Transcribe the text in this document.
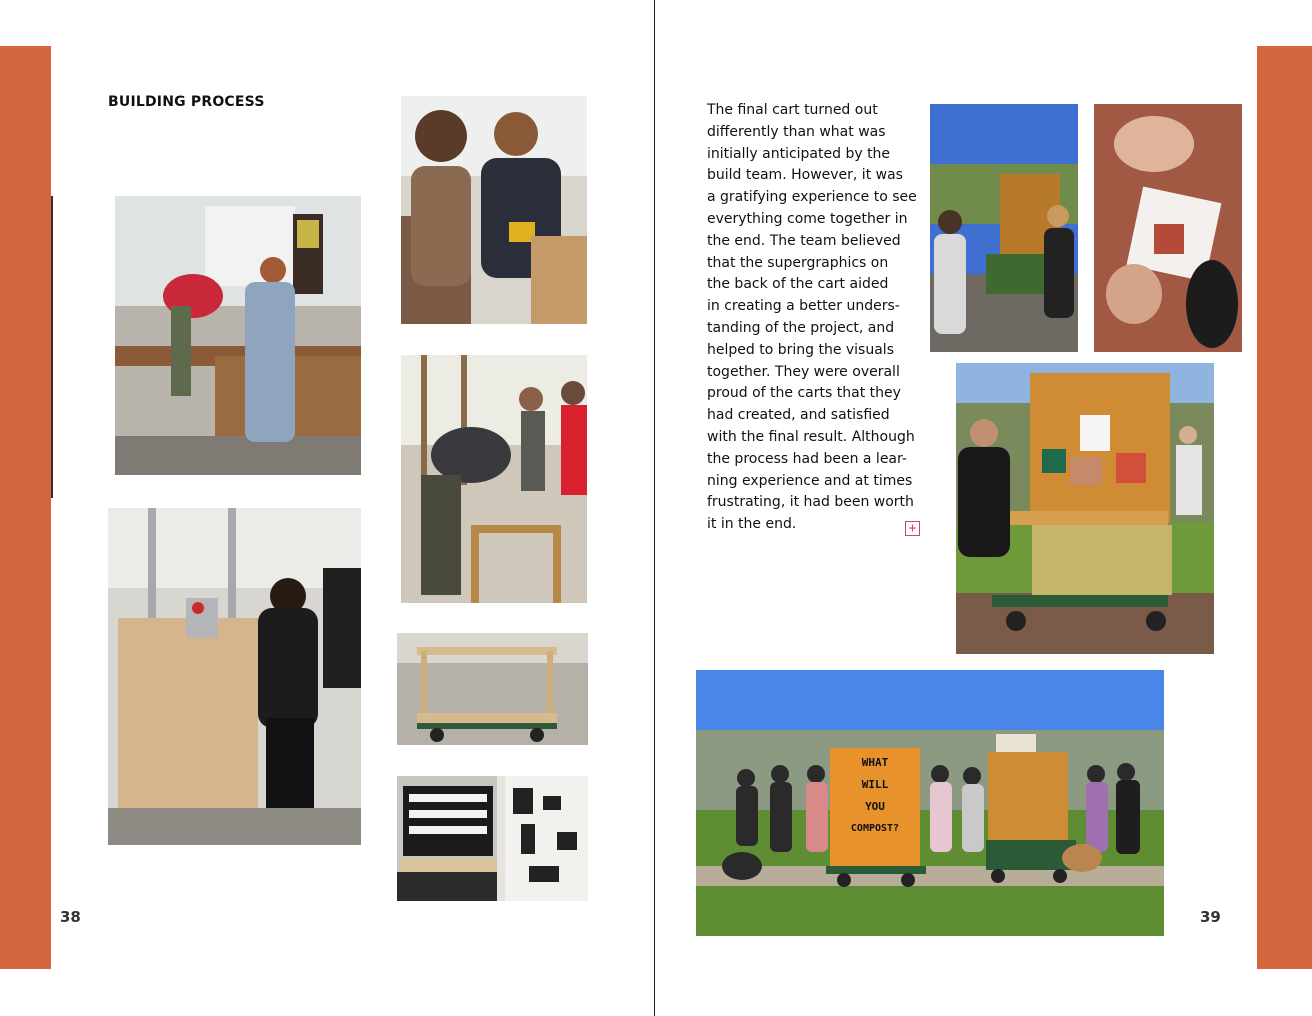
BUILDING PROCESS
38
The final cart turned out
differently than what was
initially anticipated by the
build team. However, it was
a gratifying experience to see
everything come together in
the end. The team believed
that the supergraphics on
the back of the cart aided
in creating a better unders-
tanding of the project, and
helped to bring the visuals
together. They were overall
proud of the carts that they
had created, and satisfied
with the final result. Although
the process had been a lear-
ning experience and at times
frustrating, it had been worth
it in the end.	+
WHAT
WILL
YOU
COMPOST?
39
